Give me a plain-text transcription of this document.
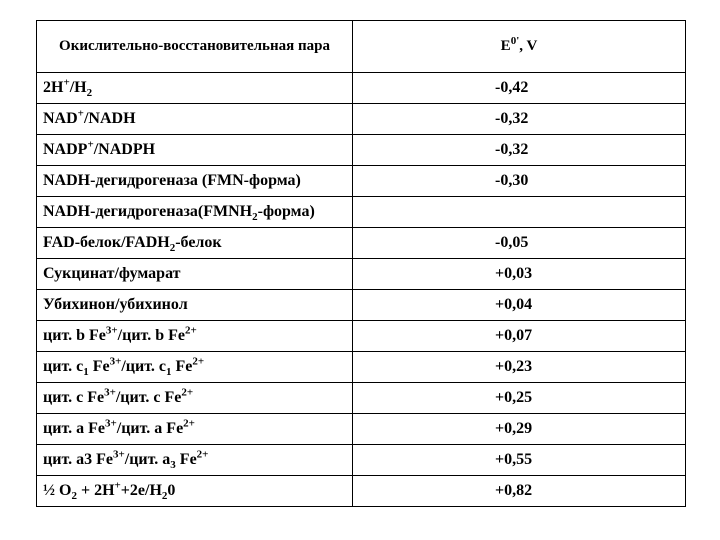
Окислительно-восстановительная пара	$E^{0'}$, V
$2H^+/H_2$	-0,42
NAD+/NADH	-0,32
NADP+/NADPH	-0,32
NADH-дегидрогеназа (FMN-форма)	-0,30
NADH-$дегидрогеназа(FMNH_2-форма)$	
FAD-$белок/FADH_2$-белок	-0,05
Сукцинат/фумарат	+0,03
Убихинон/убихинол	+0,04
цит. b $Fe^{3+}$/цит. b $Fe^{2+}$	+0,07
цит. $c_1$ $Fe^{3+}$/цит. $c_1$ $Fe^{2+}$	+0,23
цит. c $Fe^{3+}$/цит. c $Fe^{2+}$	+0,25
цит. a $Fe^{3+}$/цит. a $Fe^{2+}$	+0,29
цит. a3 $Fe^{3+}$/цит. $a_3$ $Fe^{2+}$	+0,55
½ $O_2 + 2H^++2e/H_20$	+0,82
